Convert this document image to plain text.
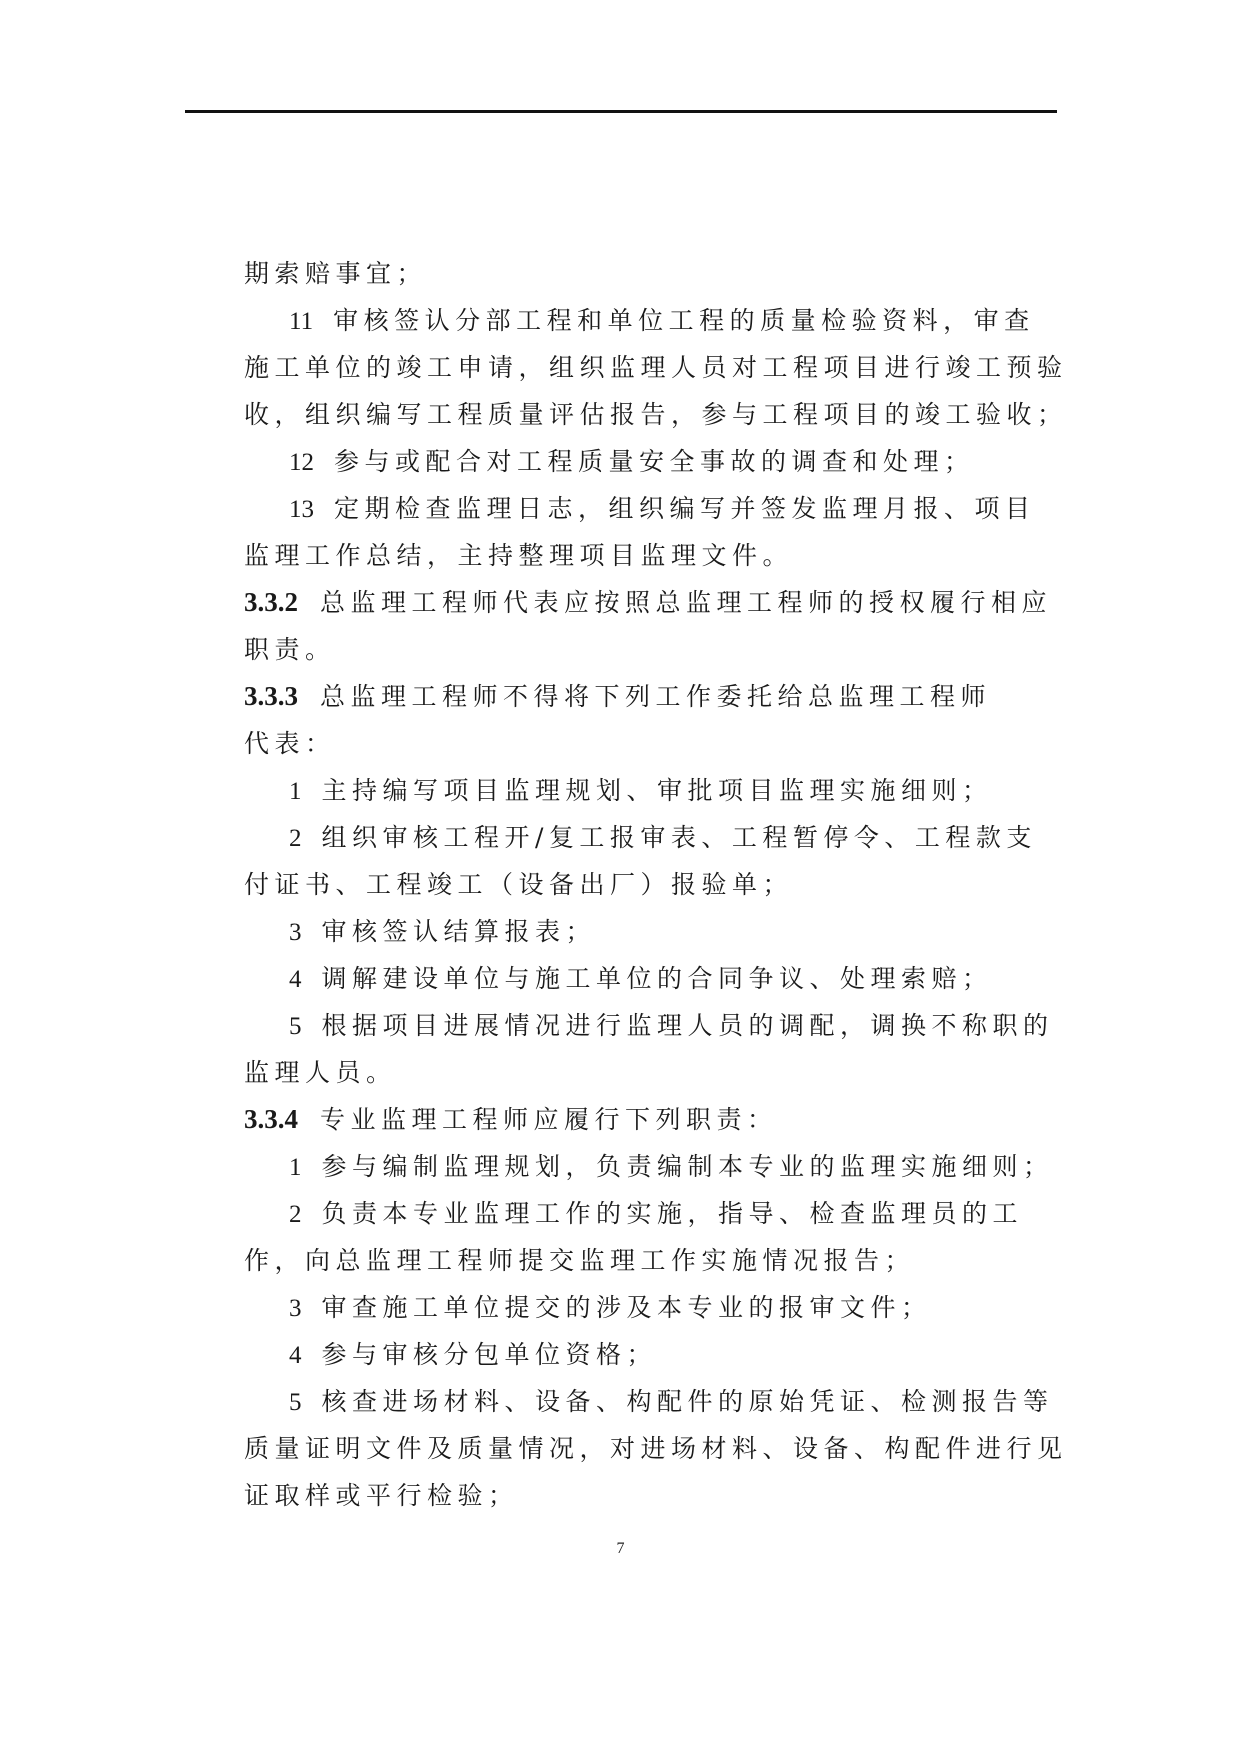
期索赔事宜；
11 审核签认分部工程和单位工程的质量检验资料，审查
施工单位的竣工申请，组织监理人员对工程项目进行竣工预验
收，组织编写工程质量评估报告，参与工程项目的竣工验收；
12 参与或配合对工程质量安全事故的调查和处理；
13 定期检查监理日志，组织编写并签发监理月报、项目
监理工作总结，主持整理项目监理文件。
3.3.2 总监理工程师代表应按照总监理工程师的授权履行相应
职责。
3.3.3 总监理工程师不得将下列工作委托给总监理工程师
代表：
1 主持编写项目监理规划、审批项目监理实施细则；
2 组织审核工程开/复工报审表、工程暂停令、工程款支
付证书、工程竣工（设备出厂）报验单；
3 审核签认结算报表；
4 调解建设单位与施工单位的合同争议、处理索赔；
5 根据项目进展情况进行监理人员的调配，调换不称职的
监理人员。
3.3.4 专业监理工程师应履行下列职责：
1 参与编制监理规划，负责编制本专业的监理实施细则；
2 负责本专业监理工作的实施，指导、检查监理员的工
作，向总监理工程师提交监理工作实施情况报告；
3 审查施工单位提交的涉及本专业的报审文件；
4 参与审核分包单位资格；
5 核查进场材料、设备、构配件的原始凭证、检测报告等
质量证明文件及质量情况，对进场材料、设备、构配件进行见
证取样或平行检验；
7
